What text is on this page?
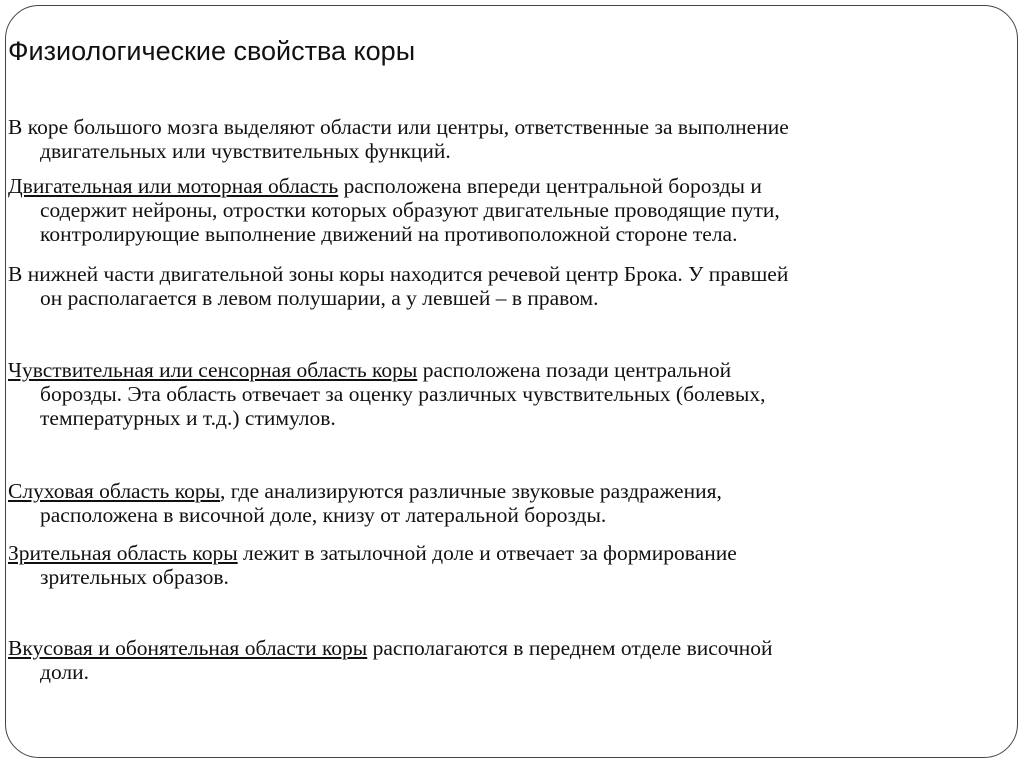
Физиологические свойства коры
В коре большого мозга выделяют области или центры, ответственные за выполнение
двигательных или чувствительных функций.
Двигательная или моторная область расположена впереди центральной борозды и
содержит нейроны, отростки которых образуют двигательные проводящие пути,
контролирующие выполнение движений на противоположной стороне тела.
В нижней части двигательной зоны коры находится речевой центр Брока. У правшей
он располагается в левом полушарии, а у левшей – в правом.
Чувствительная или сенсорная область коры расположена позади центральной
борозды. Эта область отвечает за оценку различных чувствительных (болевых,
температурных и т.д.) стимулов.
Слуховая область коры, где анализируются различные звуковые раздражения,
расположена в височной доле, книзу от латеральной борозды.
Зрительная область коры лежит в затылочной доле и отвечает за формирование
зрительных образов.
Вкусовая и обонятельная области коры располагаются в переднем отделе височной
доли.
